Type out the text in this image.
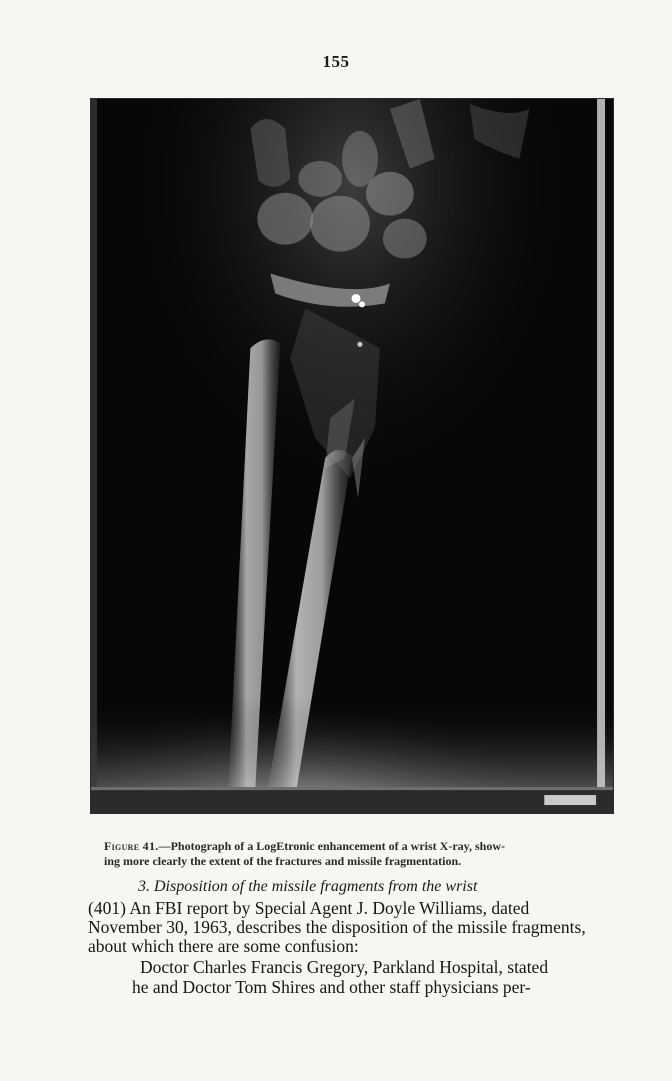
155
Figure 41.—Photograph of a LogEtronic enhancement of a wrist X-ray, show-
ing more clearly the extent of the fractures and missile fragmentation.
3. Disposition of the missile fragments from the wrist
(401) An FBI report by Special Agent J. Doyle Williams, dated
November 30, 1963, describes the disposition of the missile fragments,
about which there are some confusion:
Doctor Charles Francis Gregory, Parkland Hospital, stated
he and Doctor Tom Shires and other staff physicians per-
